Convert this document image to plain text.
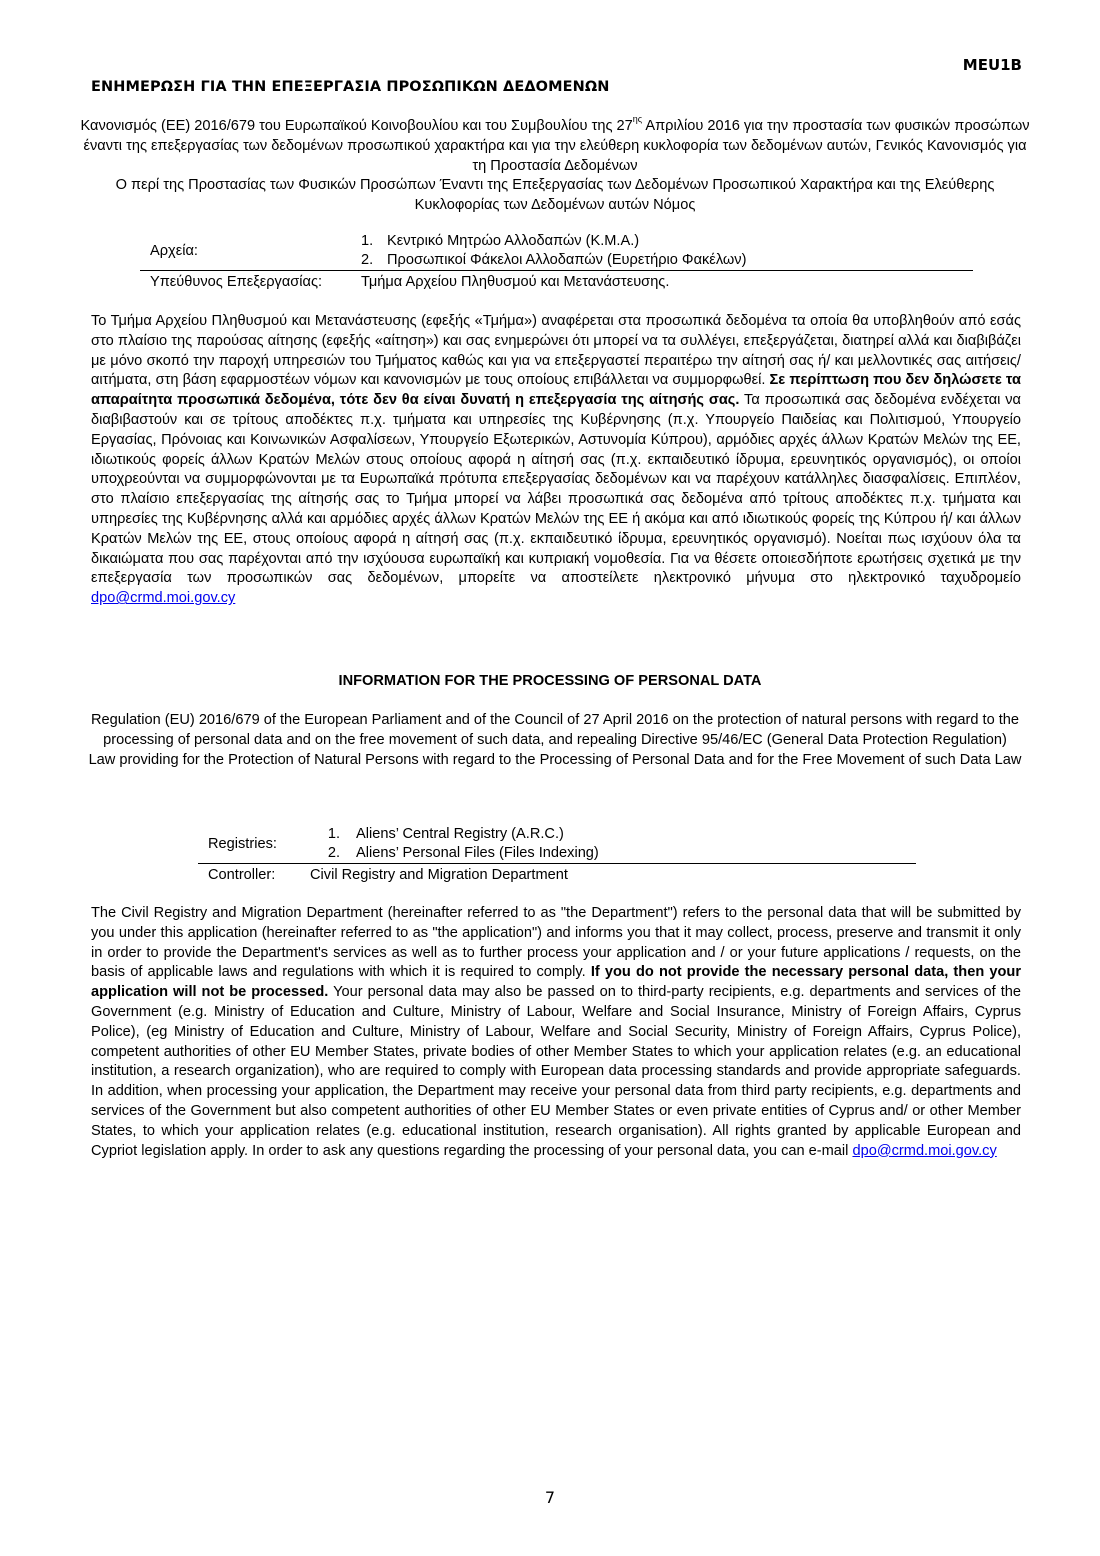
MEU1B
ΕΝΗΜΕΡΩΣΗ ΓΙΑ ΤΗΝ ΕΠΕΞΕΡΓΑΣΙΑ ΠΡΟΣΩΠΙΚΩΝ ΔΕΔΟΜΕΝΩΝ
Κανονισμός (ΕΕ) 2016/679 του Ευρωπαϊκού Κοινοβουλίου και του Συμβουλίου της $27^{\eta\varsigma}$ Απριλίου 2016 για την προστασία των φυσικών προσώπων έναντι της επεξεργασίας των δεδομένων προσωπικού χαρακτήρα και για την ελεύθερη κυκλοφορία των δεδομένων αυτών, Γενικός Κανονισμός για τη Προστασία Δεδομένων
Ο περί της Προστασίας των Φυσικών Προσώπων Έναντι της Επεξεργασίας των Δεδομένων Προσωπικού Χαρακτήρα και της Ελεύθερης Κυκλοφορίας των Δεδομένων αυτών Νόμος
Αρχεία:	1. Κεντρικό Μητρώο Αλλοδαπών (Κ.Μ.Α.)
2. Προσωπικοί Φάκελοι Αλλοδαπών (Ευρετήριο Φακέλων)

Υπεύθυνος Επεξεργασίας:	Τμήμα Αρχείου Πληθυσμού και Μετανάστευσης.
Το Τμήμα Αρχείου Πληθυσμού και Μετανάστευσης (εφεξής «Τμήμα») αναφέρεται στα προσωπικά δεδομένα τα οποία θα υποβληθούν από εσάς στο πλαίσιο της παρούσας αίτησης (εφεξής «αίτηση») και σας ενημερώνει ότι μπορεί να τα συλλέγει, επεξεργάζεται, διατηρεί αλλά και διαβιβάζει με μόνο σκοπό την παροχή υπηρεσιών του Τμήματος καθώς και για να επεξεργαστεί περαιτέρω την αίτησή σας ή/ και μελλοντικές σας αιτήσεις/ αιτήματα, στη βάση εφαρμοστέων νόμων και κανονισμών με τους οποίους επιβάλλεται να συμμορφωθεί. Σε περίπτωση που δεν δηλώσετε τα απαραίτητα προσωπικά δεδομένα, τότε δεν θα είναι δυνατή η επεξεργασία της αίτησής σας. Τα προσωπικά σας δεδομένα ενδέχεται να διαβιβαστούν και σε τρίτους αποδέκτες π.χ. τμήματα και υπηρεσίες της Κυβέρνησης (π.χ. Υπουργείο Παιδείας και Πολιτισμού, Υπουργείο Εργασίας, Πρόνοιας και Κοινωνικών Ασφαλίσεων, Υπουργείο Εξωτερικών, Αστυνομία Κύπρου), αρμόδιες αρχές άλλων Κρατών Μελών της ΕΕ, ιδιωτικούς φορείς άλλων Κρατών Μελών στους οποίους αφορά η αίτησή σας (π.χ. εκπαιδευτικό ίδρυμα, ερευνητικός οργανισμός), οι οποίοι υποχρεούνται να συμμορφώνονται με τα Ευρωπαϊκά πρότυπα επεξεργασίας δεδομένων και να παρέχουν κατάλληλες διασφαλίσεις. Επιπλέον, στο πλαίσιο επεξεργασίας της αίτησής σας το Τμήμα μπορεί να λάβει προσωπικά σας δεδομένα από τρίτους αποδέκτες π.χ. τμήματα και υπηρεσίες της Κυβέρνησης αλλά και αρμόδιες αρχές άλλων Κρατών Μελών της ΕΕ ή ακόμα και από ιδιωτικούς φορείς της Κύπρου ή/ και άλλων Κρατών Μελών της ΕΕ, στους οποίους αφορά η αίτησή σας (π.χ. εκπαιδευτικό ίδρυμα, ερευνητικός οργανισμό). Νοείται πως ισχύουν όλα τα δικαιώματα που σας παρέχονται από την ισχύουσα ευρωπαϊκή και κυπριακή νομοθεσία. Για να θέσετε οποιεσδήποτε ερωτήσεις σχετικά με την επεξεργασία των προσωπικών σας δεδομένων, μπορείτε να αποστείλετε ηλεκτρονικό μήνυμα στο ηλεκτρονικό ταχυδρομείο dpo@crmd.moi.gov.cy
INFORMATION FOR THE PROCESSING OF PERSONAL DATA
Regulation (EU) 2016/679 of the European Parliament and of the Council of 27 April 2016 on the protection of natural persons with regard to the processing of personal data and on the free movement of such data, and repealing Directive 95/46/EC (General Data Protection Regulation)
Law providing for the Protection of Natural Persons with regard to the Processing of Personal Data and for the Free Movement of such Data Law
Registries:	1. Aliens’ Central Registry (A.R.C.)
2. Aliens’ Personal Files (Files Indexing)

Controller:	Civil Registry and Migration Department
The Civil Registry and Migration Department (hereinafter referred to as "the Department") refers to the personal data that will be submitted by you under this application (hereinafter referred to as "the application") and informs you that it may collect, process, preserve and transmit it only in order to provide the Department's services as well as to further process your application and / or your future applications / requests, on the basis of applicable laws and regulations with which it is required to comply. If you do not provide the necessary personal data, then your application will not be processed. Your personal data may also be passed on to third-party recipients, e.g. departments and services of the Government (e.g. Ministry of Education and Culture, Ministry of Labour, Welfare and Social Insurance, Ministry of Foreign Affairs, Cyprus Police), (eg Ministry of Education and Culture, Ministry of Labour, Welfare and Social Security, Ministry of Foreign Affairs, Cyprus Police), competent authorities of other EU Member States, private bodies of other Member States to which your application relates (e.g. an educational institution, a research organization), who are required to comply with European data processing standards and provide appropriate safeguards. In addition, when processing your application, the Department may receive your personal data from third party recipients, e.g. departments and services of the Government but also competent authorities of other EU Member States or even private entities of Cyprus and/ or other Member States, to which your application relates (e.g. educational institution, research organisation). All rights granted by applicable European and Cypriot legislation apply. In order to ask any questions regarding the processing of your personal data, you can e-mail dpo@crmd.moi.gov.cy
7
